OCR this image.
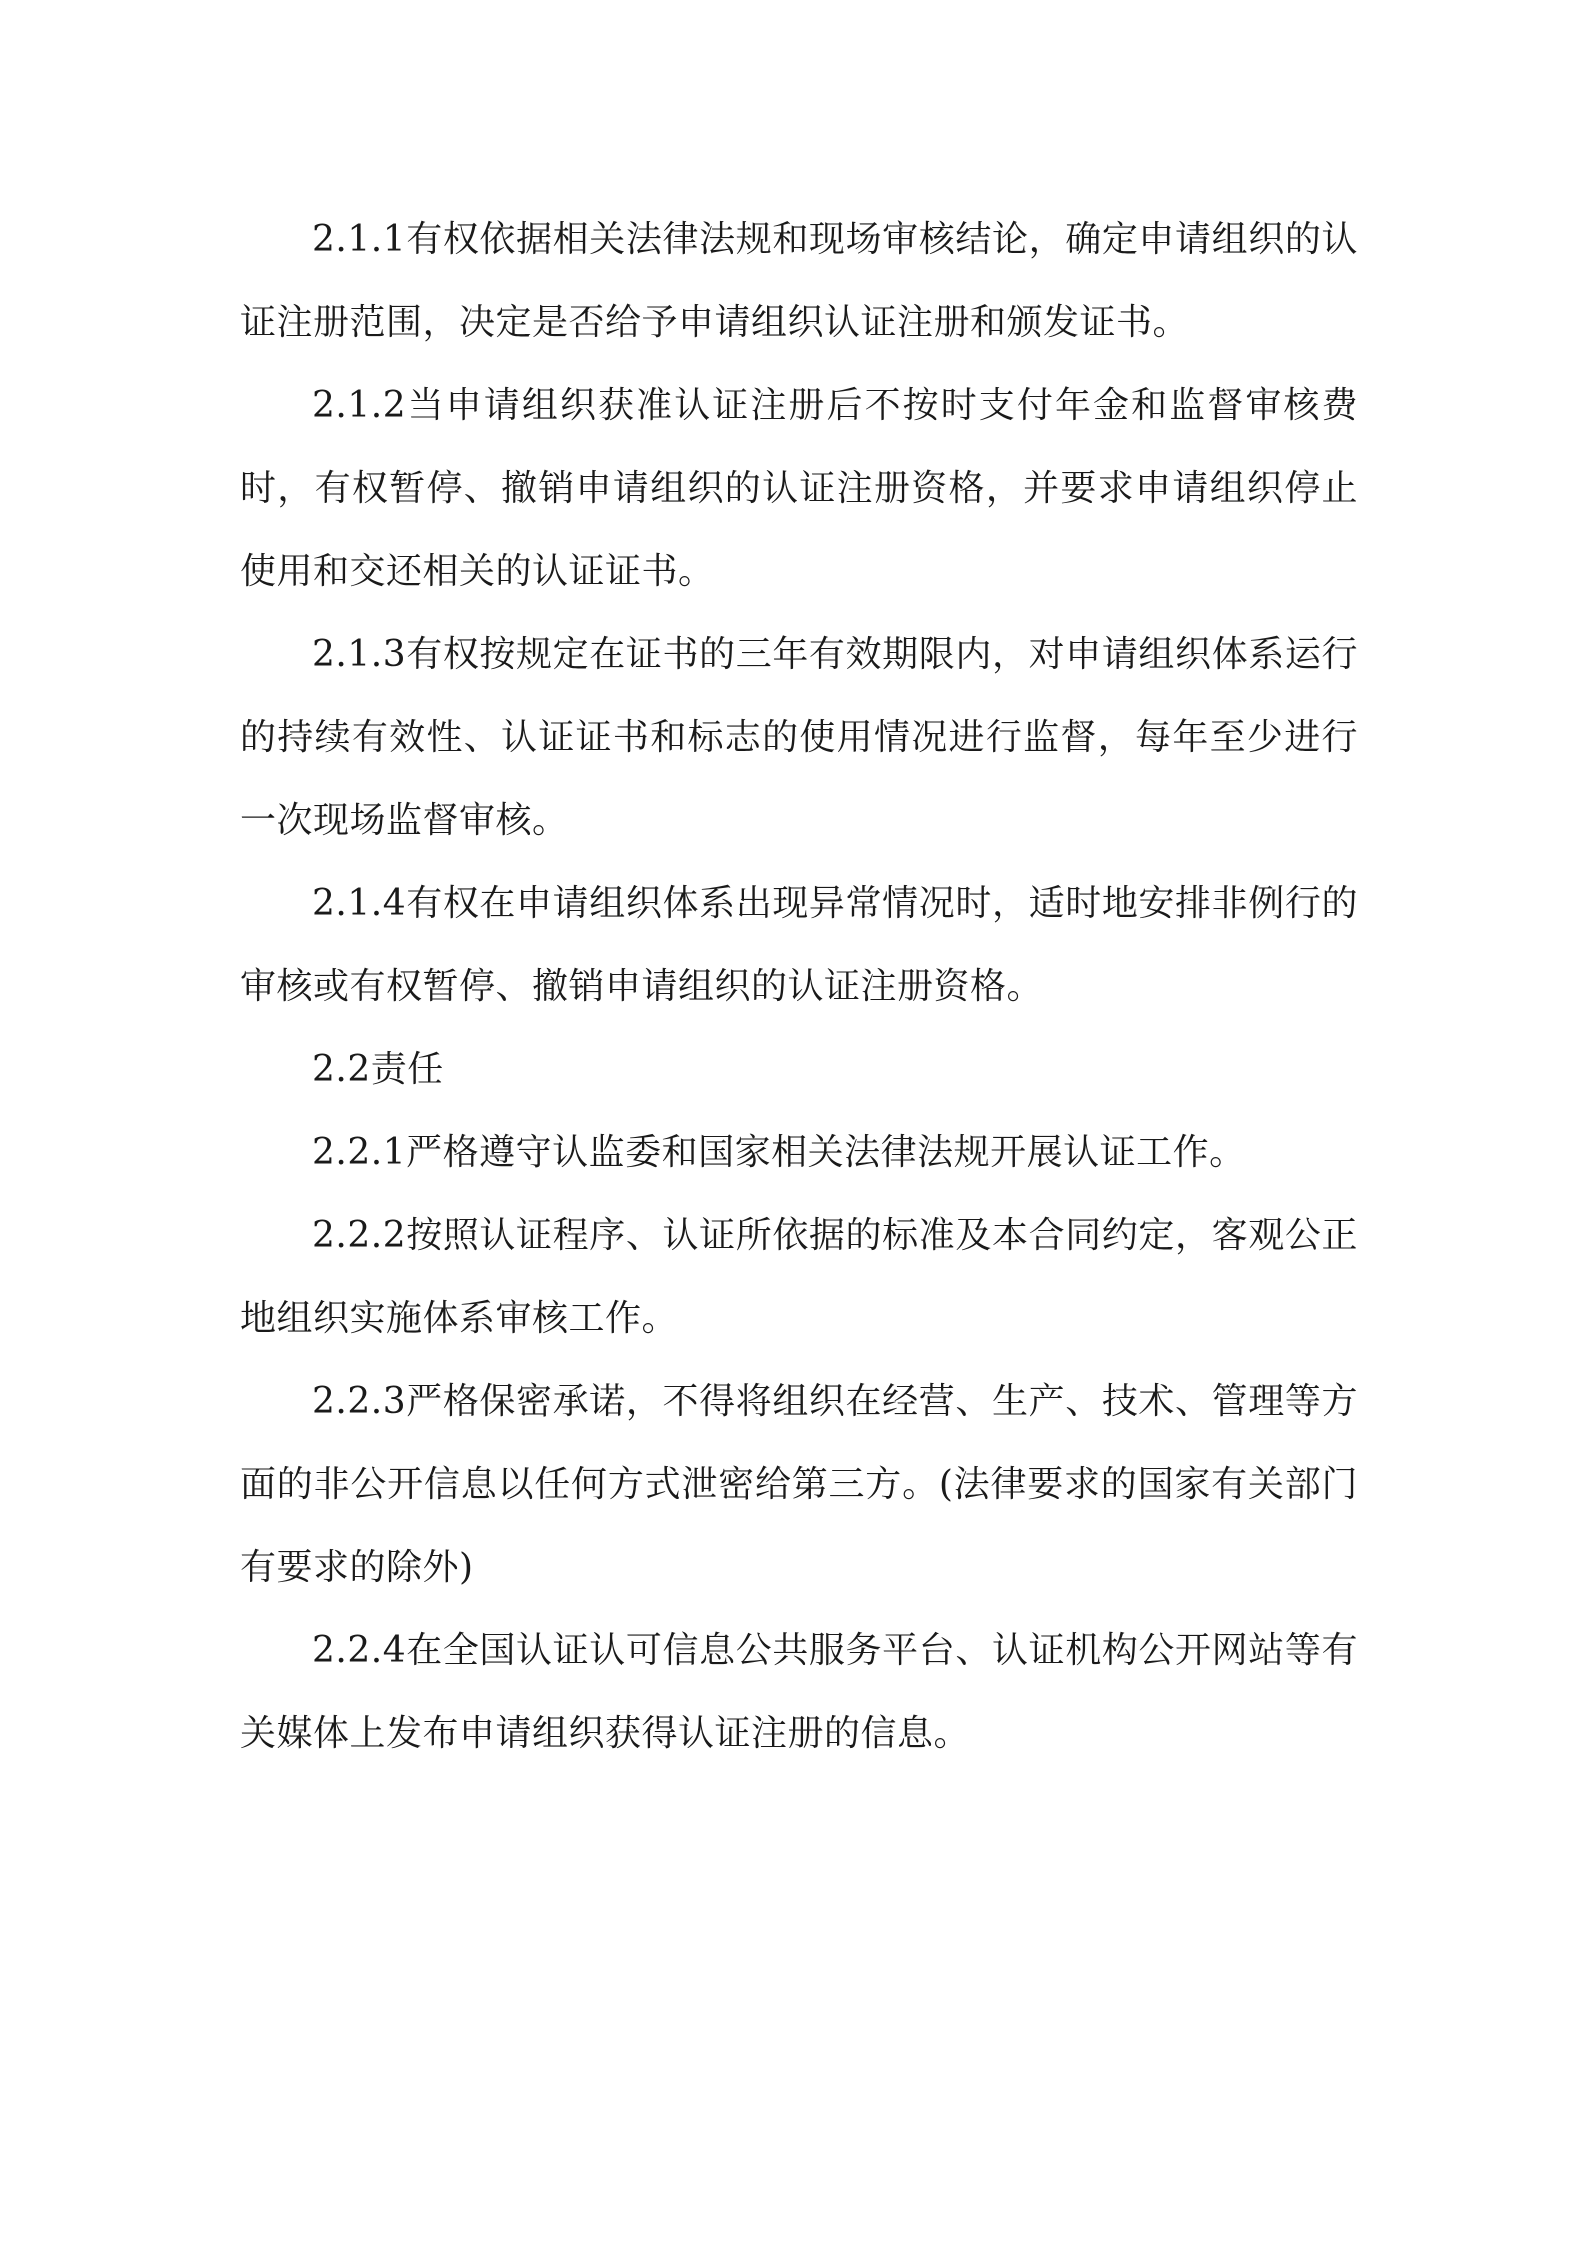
2.1.1有权依据相关法律法规和现场审核结论，确定申请组织的认证注册范围，决定是否给予申请组织认证注册和颁发证书。

2.1.2当申请组织获准认证注册后不按时支付年金和监督审核费时，有权暂停、撤销申请组织的认证注册资格，并要求申请组织停止使用和交还相关的认证证书。

2.1.3有权按规定在证书的三年有效期限内，对申请组织体系运行的持续有效性、认证证书和标志的使用情况进行监督，每年至少进行一次现场监督审核。

2.1.4有权在申请组织体系出现异常情况时，适时地安排非例行的审核或有权暂停、撤销申请组织的认证注册资格。

2.2责任

2.2.1严格遵守认监委和国家相关法律法规开展认证工作。

2.2.2按照认证程序、认证所依据的标准及本合同约定，客观公正地组织实施体系审核工作。

2.2.3严格保密承诺，不得将组织在经营、生产、技术、管理等方面的非公开信息以任何方式泄密给第三方。(法律要求的国家有关部门有要求的除外)

2.2.4在全国认证认可信息公共服务平台、认证机构公开网站等有关媒体上发布申请组织获得认证注册的信息。
